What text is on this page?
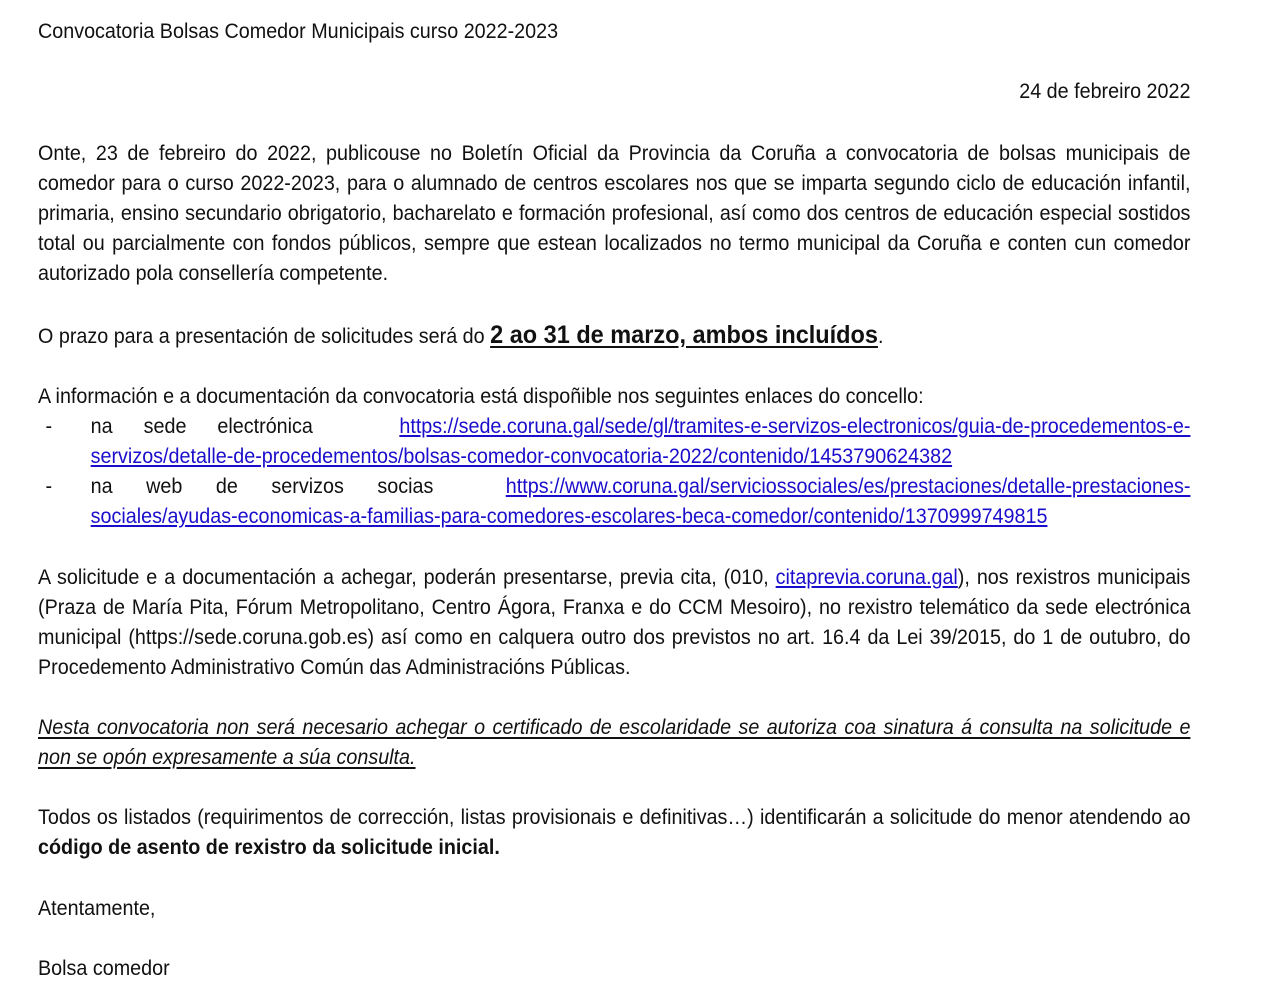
Convocatoria Bolsas Comedor Municipais curso 2022-2023
24 de febreiro 2022
Onte, 23 de febreiro do 2022, publicouse no Boletín Oficial da Provincia da Coruña a convocatoria de bolsas municipais de comedor para o curso 2022-2023, para o alumnado de centros escolares nos que se imparta segundo ciclo de educación infantil, primaria, ensino secundario obrigatorio, bacharelato e formación profesional, así como dos centros de educación especial sostidos total ou parcialmente con fondos públicos, sempre que estean localizados no termo municipal da Coruña e conten cun comedor autorizado pola consellería competente.
O prazo para a presentación de solicitudes será do 2 ao 31 de marzo, ambos incluídos.
A información e a documentación da convocatoria está dispoñible nos seguintes enlaces do concello:
-	na sede electrónica	https://sede.coruna.gal/sede/gl/tramites-e-servizos-electronicos/guia-de-procedementos-e-servizos/detalle-de-procedementos/bolsas-comedor-convocatoria-2022/contenido/1453790624382
-	na web de servizos socias	https://www.coruna.gal/serviciossociales/es/prestaciones/detalle-prestaciones-sociales/ayudas-economicas-a-familias-para-comedores-escolares-beca-comedor/contenido/1370999749815
A solicitude e a documentación a achegar, poderán presentarse, previa cita, (010, citaprevia.coruna.gal), nos rexistros municipais (Praza de María Pita, Fórum Metropolitano, Centro Ágora, Franxa e do CCM Mesoiro), no rexistro telemático da sede electrónica municipal (https://sede.coruna.gob.es) así como en calquera outro dos previstos no art. 16.4 da Lei 39/2015, do 1 de outubro, do Procedemento Administrativo Común das Administracións Públicas.
Nesta convocatoria non será necesario achegar o certificado de escolaridade se autoriza coa sinatura á consulta na solicitude e non se opón expresamente a súa consulta.
Todos os listados (requirimentos de corrección, listas provisionais e definitivas…) identificarán a solicitude do menor atendendo ao código de asento de rexistro da solicitude inicial.
Atentamente,
Bolsa comedor
